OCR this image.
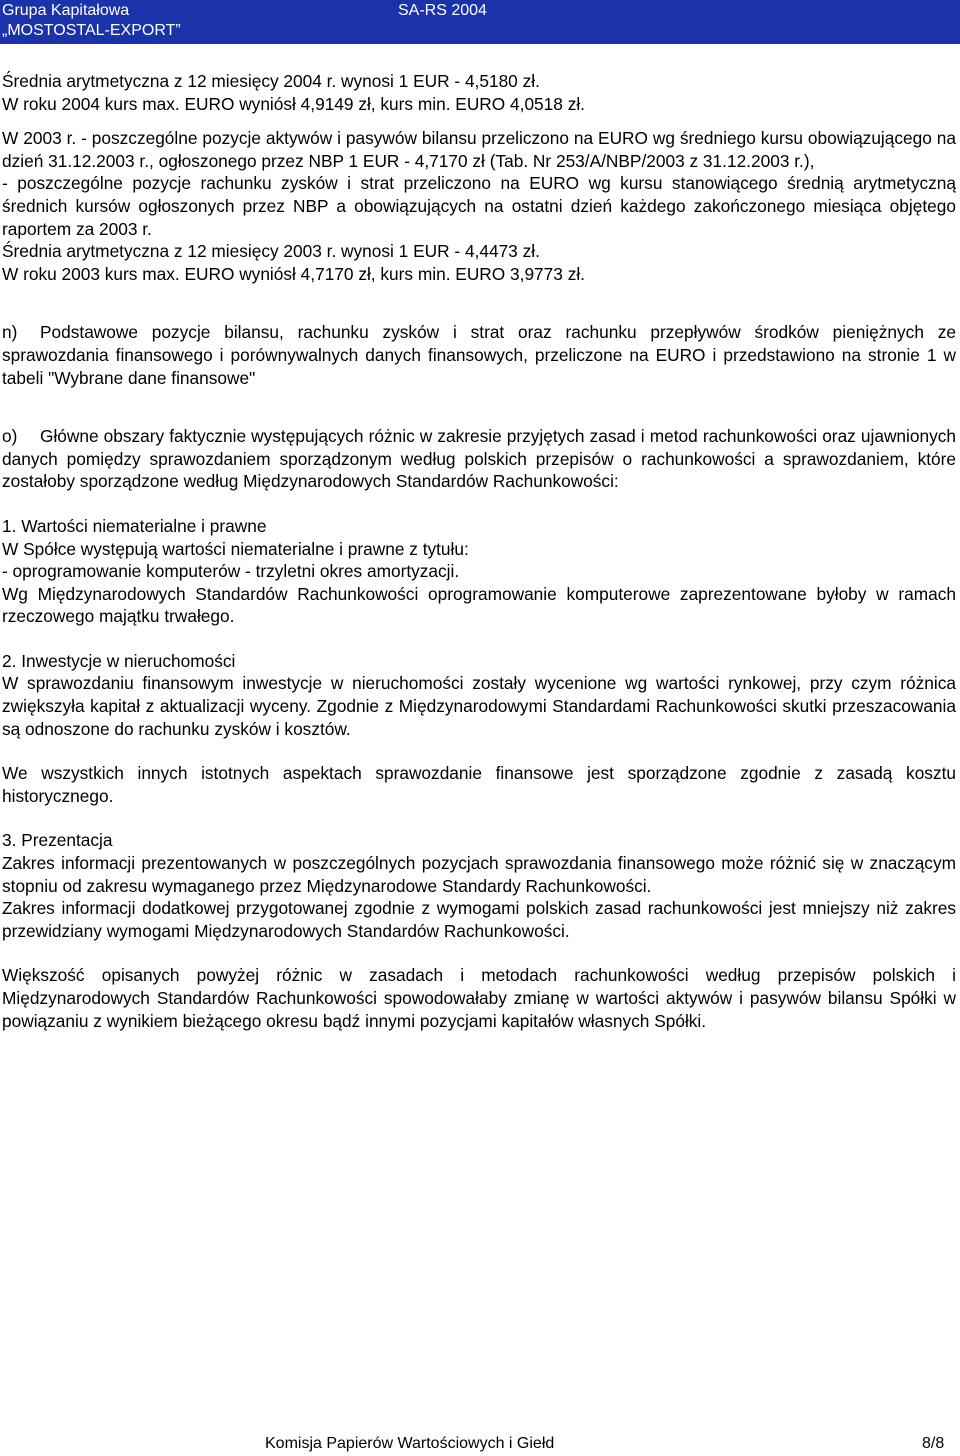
Grupa Kapitałowa
„MOSTOSTAL-EXPORT”
SA-RS 2004

Średnia arytmetyczna z 12 miesięcy 2004 r. wynosi 1 EUR - 4,5180 zł.

W roku 2004 kurs max. EURO wyniósł 4,9149 zł, kurs min. EURO 4,0518 zł.

W 2003 r. - poszczególne pozycje aktywów i pasywów bilansu przeliczono na EURO wg średniego kursu obowiązującego na dzień 31.12.2003 r., ogłoszonego przez NBP 1 EUR - 4,7170 zł (Tab. Nr 253/A/NBP/2003 z 31.12.2003 r.),

- poszczególne pozycje rachunku zysków i strat przeliczono na EURO wg kursu stanowiącego średnią arytmetyczną średnich kursów ogłoszonych przez NBP a obowiązujących na ostatni dzień każdego zakończonego miesiąca objętego raportem za 2003 r.

Średnia arytmetyczna z 12 miesięcy 2003 r. wynosi 1 EUR - 4,4473 zł.

W roku 2003 kurs max. EURO wyniósł 4,7170 zł, kurs min. EURO 3,9773 zł.

n)	Podstawowe pozycje bilansu, rachunku zysków i strat oraz rachunku przepływów środków pieniężnych ze sprawozdania finansowego i porównywalnych danych finansowych, przeliczone na EURO i przedstawiono na stronie 1 w tabeli "Wybrane dane finansowe"

o)	Główne obszary faktycznie występujących różnic w zakresie przyjętych zasad i metod rachunkowości oraz ujawnionych danych pomiędzy sprawozdaniem sporządzonym według polskich przepisów o rachunkowości a sprawozdaniem, które zostałoby sporządzone według Międzynarodowych Standardów Rachunkowości:

1. Wartości niematerialne i prawne

W Spółce występują wartości niematerialne i prawne z tytułu:

- oprogramowanie komputerów - trzyletni okres amortyzacji.

Wg Międzynarodowych Standardów Rachunkowości oprogramowanie komputerowe zaprezentowane byłoby w ramach rzeczowego majątku trwałego.

2. Inwestycje w nieruchomości

W sprawozdaniu finansowym inwestycje w nieruchomości zostały wycenione wg wartości rynkowej, przy czym różnica zwiększyła kapitał z aktualizacji wyceny. Zgodnie z Międzynarodowymi Standardami Rachunkowości skutki przeszacowania są odnoszone do rachunku zysków i kosztów.

We wszystkich innych istotnych aspektach sprawozdanie finansowe jest sporządzone zgodnie z zasadą kosztu historycznego.

3. Prezentacja

Zakres informacji prezentowanych w poszczególnych pozycjach sprawozdania finansowego może różnić się w znaczącym stopniu od zakresu wymaganego przez Międzynarodowe Standardy Rachunkowości.

Zakres informacji dodatkowej przygotowanej zgodnie z wymogami polskich zasad rachunkowości jest mniejszy niż zakres przewidziany wymogami Międzynarodowych Standardów Rachunkowości.

Większość opisanych powyżej różnic w zasadach i metodach rachunkowości według przepisów polskich i Międzynarodowych Standardów Rachunkowości spowodowałaby zmianę w wartości aktywów i pasywów bilansu Spółki w powiązaniu z wynikiem bieżącego okresu bądź innymi pozycjami kapitałów własnych Spółki.

Komisja Papierów Wartościowych i Giełd	8/8
